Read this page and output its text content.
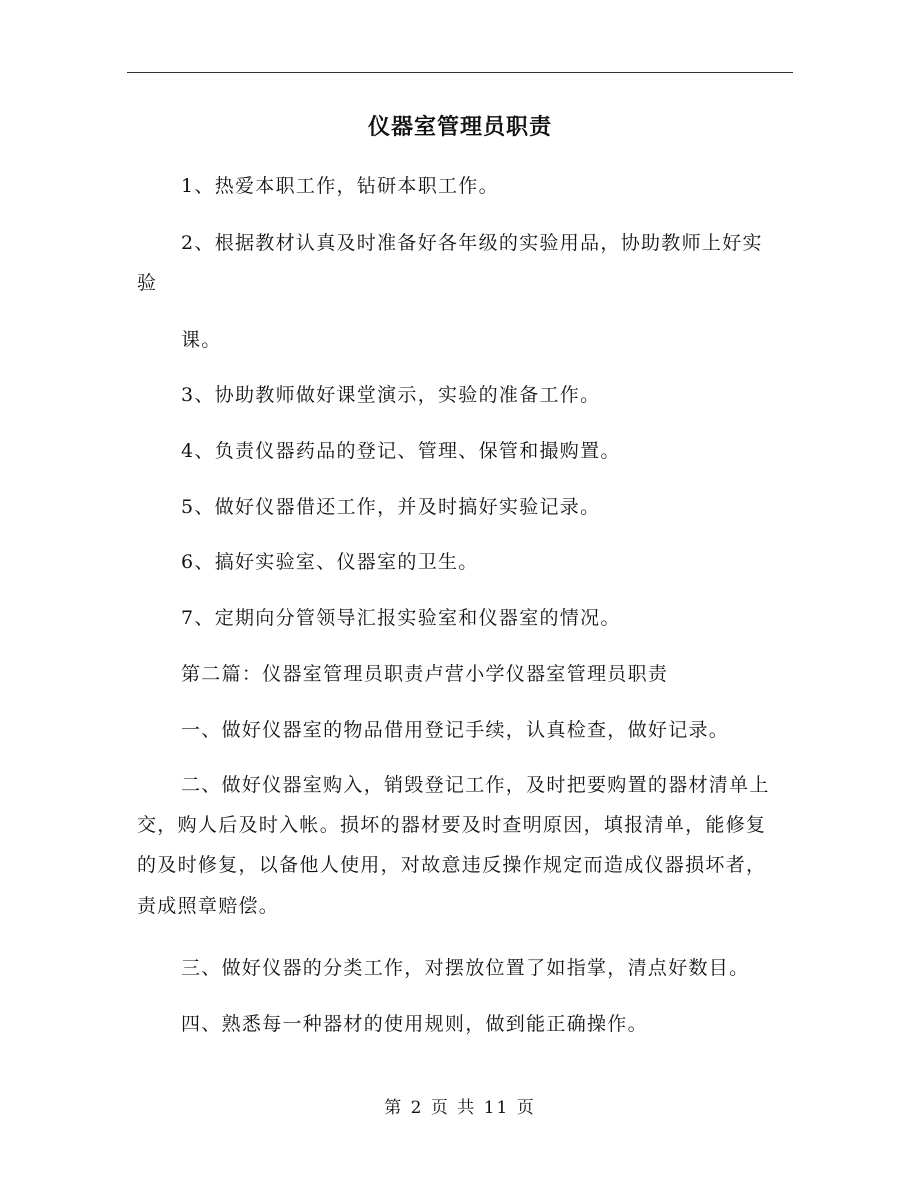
仪器室管理员职责
1、热爱本职工作，钻研本职工作。
2、根据教材认真及时准备好各年级的实验用品，协助教师上好实
验
课。
3、协助教师做好课堂演示，实验的准备工作。
4、负责仪器药品的登记、管理、保管和撮购置。
5、做好仪器借还工作，并及时搞好实验记录。
6、搞好实验室、仪器室的卫生。
7、定期向分管领导汇报实验室和仪器室的情况。
第二篇：仪器室管理员职责卢营小学仪器室管理员职责
一、做好仪器室的物品借用登记手续，认真检查，做好记录。
二、做好仪器室购入，销毁登记工作，及时把要购置的器材清单上
交，购人后及时入帐。损坏的器材要及时查明原因，填报清单，能修复
的及时修复，以备他人使用，对故意违反操作规定而造成仪器损坏者，
责成照章赔偿。
三、做好仪器的分类工作，对摆放位置了如指掌，清点好数目。
四、熟悉每一种器材的使用规则，做到能正确操作。
第 2 页 共 11 页
